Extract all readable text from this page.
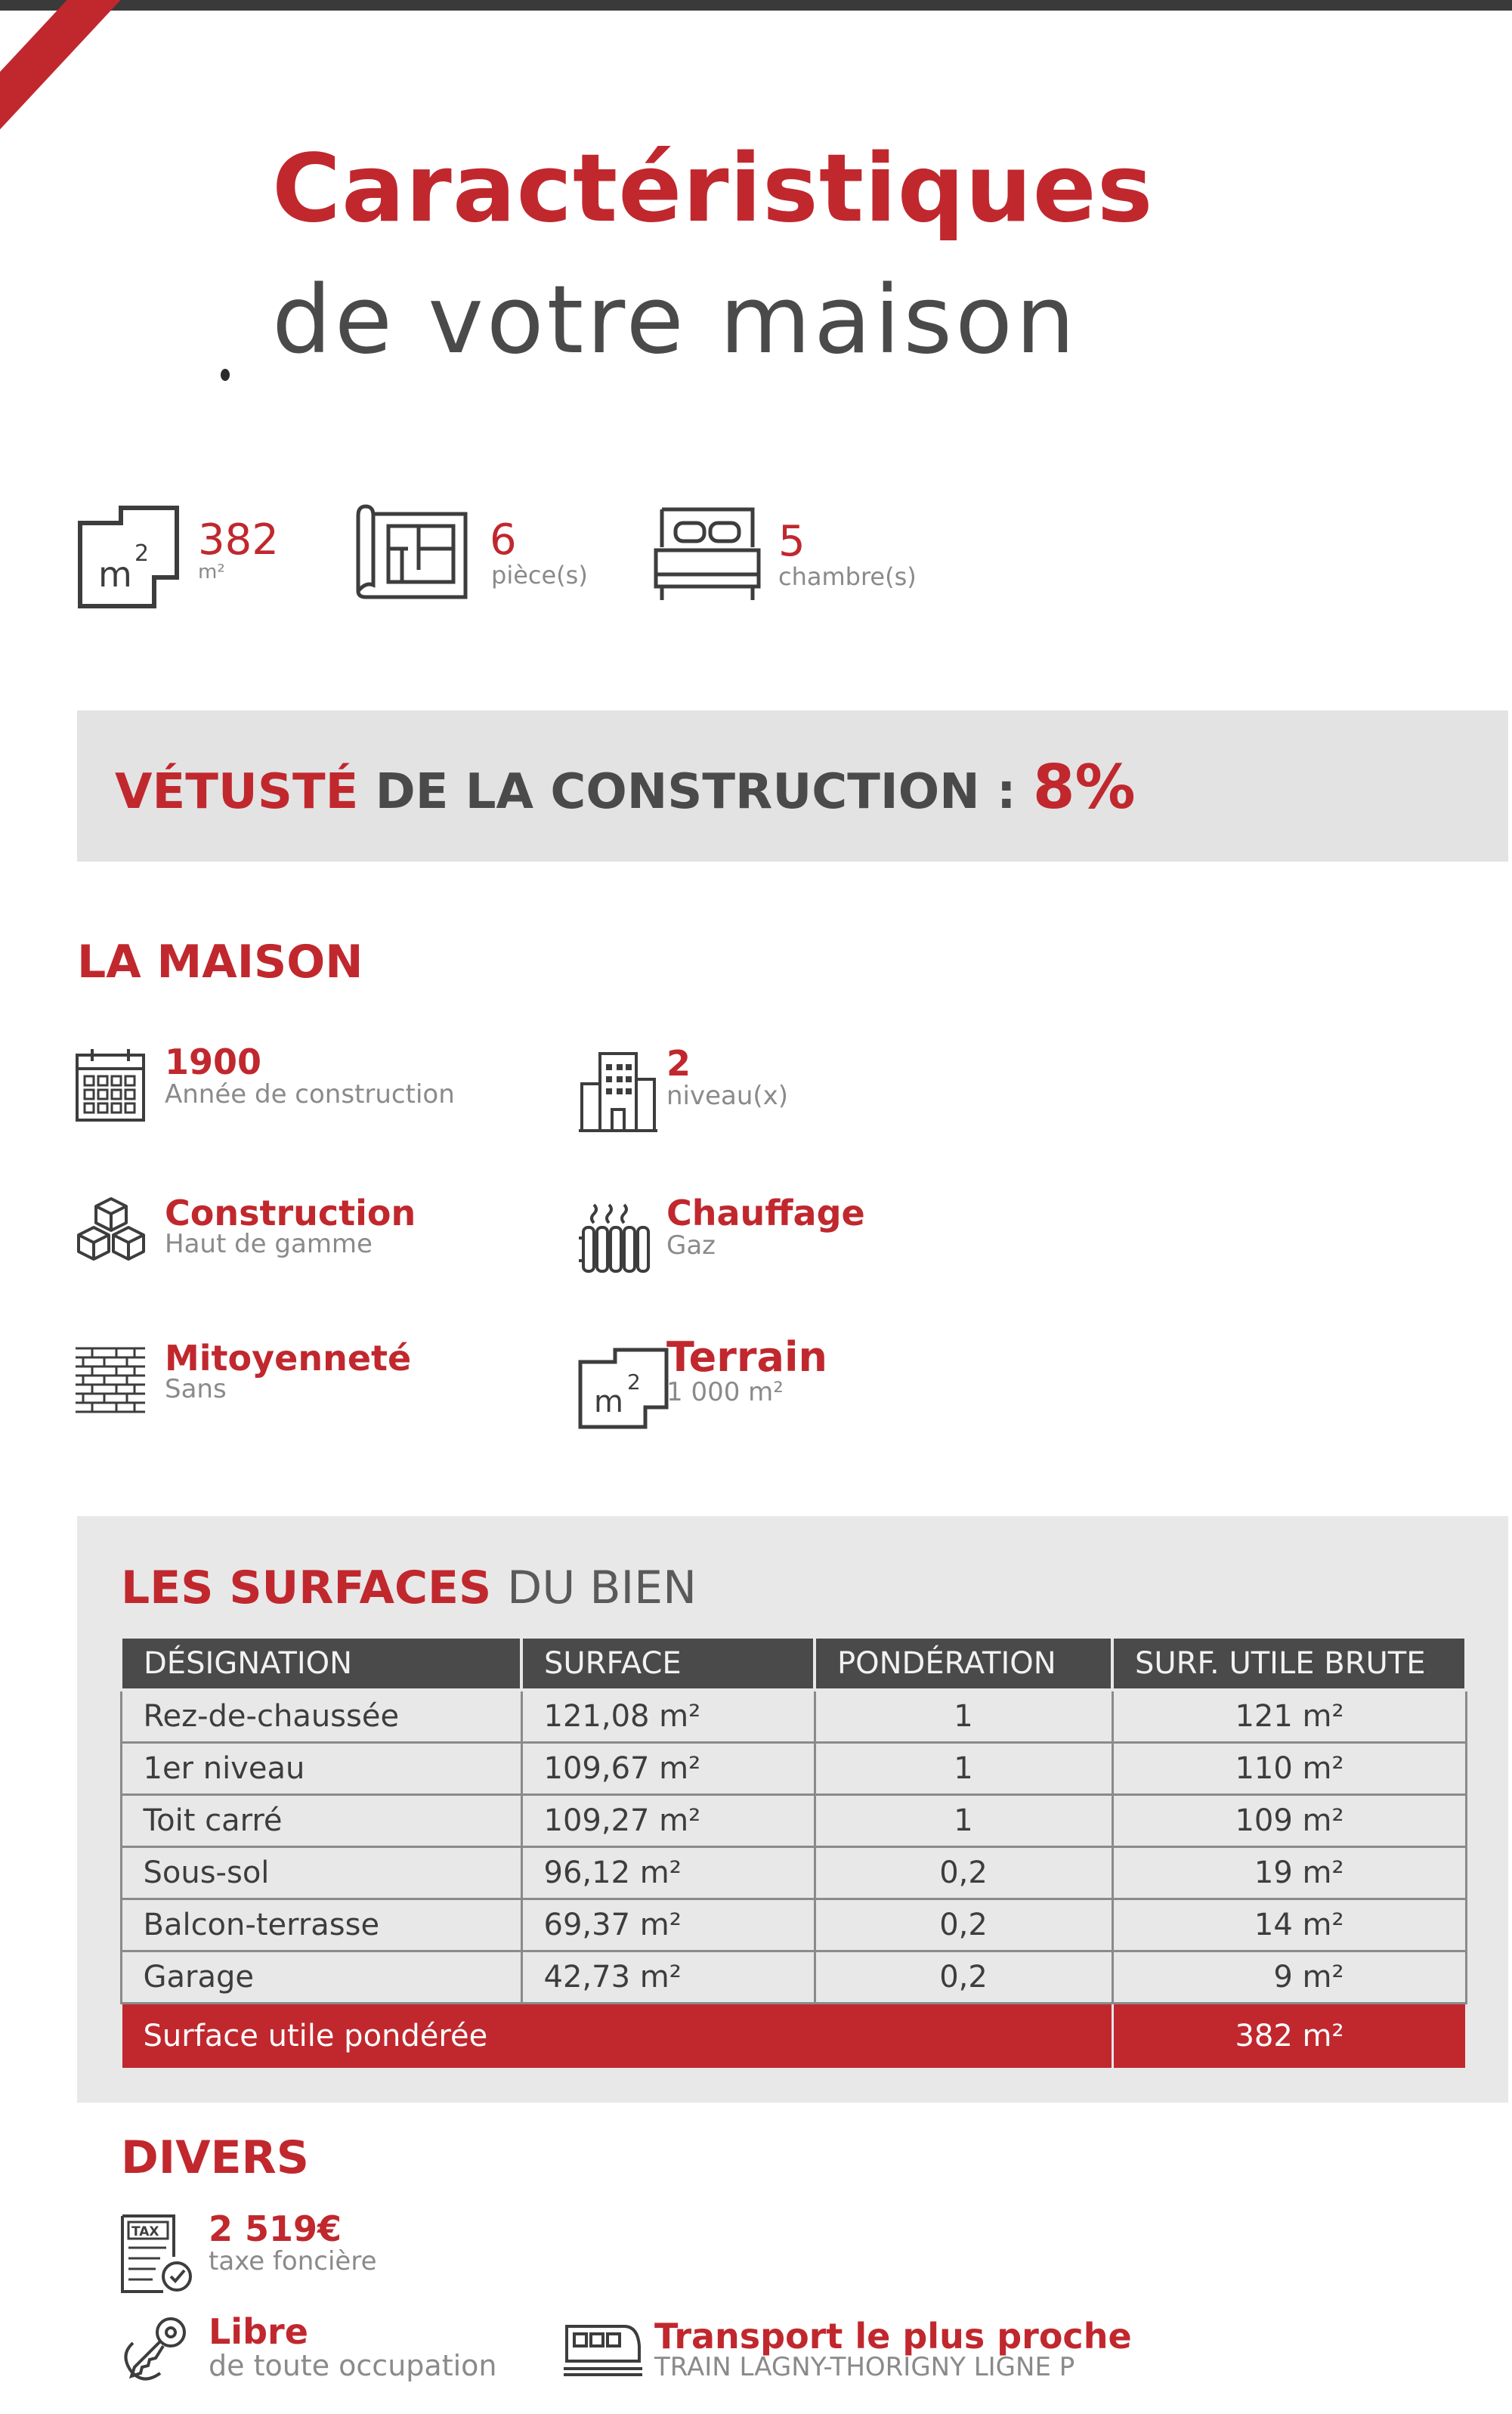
Caractéristiques
de votre maison
m
2 382
m²
6
pièce(s)
5
chambre(s)
VÉTUSTÉ DE LA CONSTRUCTION : 8%
LA MAISON
1900
Année de construction
2
niveau(x)
Construction
Haut de gamme
Chauffage
Gaz
Mitoyenneté
Sans	m
2
Terrain
1 000 m²
LES SURFACES DU BIEN
DÉSIGNATION	SURFACE	PONDÉRATION	SURF. UTILE BRUTE
Rez-de-chaussée	121,08 m²	1	121 m²
1er niveau	109,67 m²	1	110 m²
Toit carré	109,27 m²	1	109 m²
Sous-sol	96,12 m²	0,2	19 m²
Balcon-terrasse	69,37 m²	0,2	14 m²
Garage	42,73 m²	0,2	9 m²
Surface utile pondérée			382 m²
DIVERS
TAX 2 519€
taxe foncière
Libre
de toute occupation
Transport le plus proche
TRAIN LAGNY-THORIGNY LIGNE P
